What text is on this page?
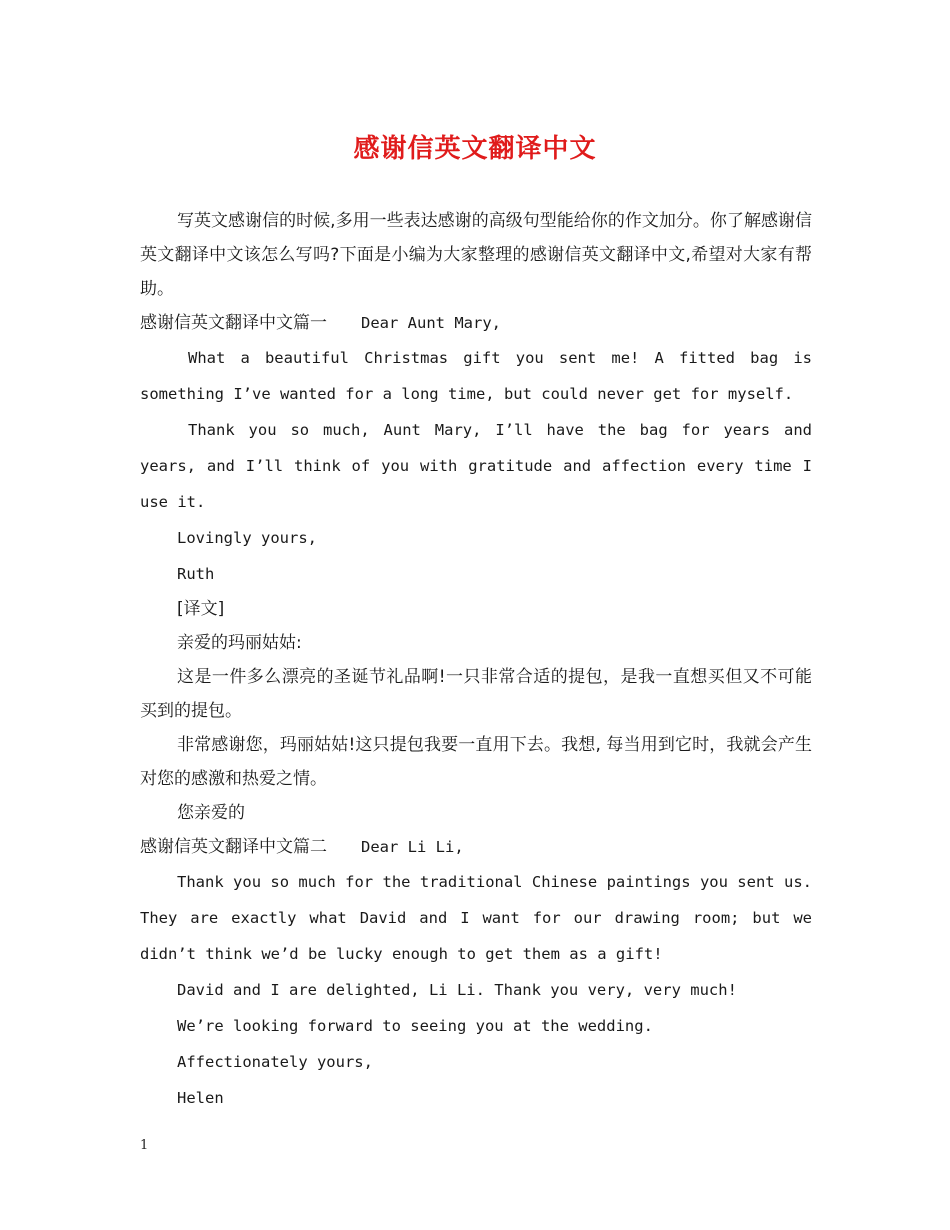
感谢信英文翻译中文

写英文感谢信的时候,多用一些表达感谢的高级句型能给你的作文加分。你了解感谢信英文翻译中文该怎么写吗?下面是小编为大家整理的感谢信英文翻译中文,希望对大家有帮助。

感谢信英文翻译中文篇一 Dear Aunt Mary,

What a beautiful Christmas gift you sent me! A fitted bag is something I’ve wanted for a long time, but could never get for myself.

Thank you so much, Aunt Mary, I’ll have the bag for years and years, and I’ll think of you with gratitude and affection every time I use it.

Lovingly yours,

Ruth

[译文]

亲爱的玛丽姑姑:

这是一件多么漂亮的圣诞节礼品啊!一只非常合适的提包，是我一直想买但又不可能买到的提包。

非常感谢您，玛丽姑姑!这只提包我要一直用下去。我想, 每当用到它时，我就会产生对您的感激和热爱之情。

您亲爱的

感谢信英文翻译中文篇二 Dear Li Li,

Thank you so much for the traditional Chinese paintings you sent us. They are exactly what David and I want for our drawing room; but we didn’t think we’d be lucky enough to get them as a gift!

David and I are delighted, Li Li. Thank you very, very much!

We’re looking forward to seeing you at the wedding.

Affectionately yours,

Helen

1
